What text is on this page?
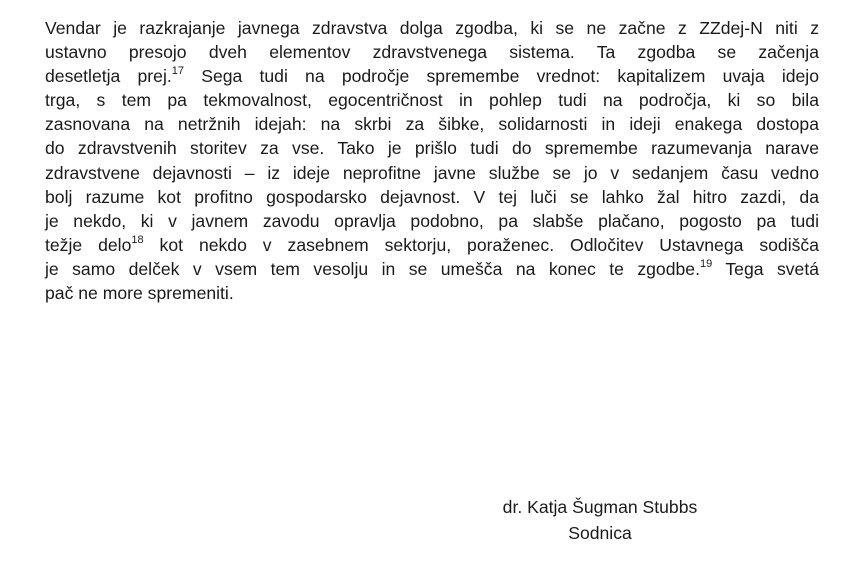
Vendar je razkrajanje javnega zdravstva dolga zgodba, ki se ne začne z ZZdej-N niti z
ustavno presojo dveh elementov zdravstvenega sistema. Ta zgodba se začenja
desetletja prej.$^{17}$ Sega tudi na področje spremembe vrednot: kapitalizem uvaja idejo
trga, s tem pa tekmovalnost, egocentričnost in pohlep tudi na področja, ki so bila
zasnovana na netržnih idejah: na skrbi za šibke, solidarnosti in ideji enakega dostopa
do zdravstvenih storitev za vse. Tako je prišlo tudi do spremembe razumevanja narave
zdravstvene dejavnosti – iz ideje neprofitne javne službe se jo v sedanjem času vedno
bolj razume kot profitno gospodarsko dejavnost. V tej luči se lahko žal hitro zazdi, da
je nekdo, ki v javnem zavodu opravlja podobno, pa slabše plačano, pogosto pa tudi
težje delo$^{18}$ kot nekdo v zasebnem sektorju, poraženec. Odločitev Ustavnega sodišča
je samo delček v vsem tem vesolju in se umešča na konec te zgodbe.$^{19}$ Tega svetá
pač ne more spremeniti.
dr. Katja Šugman Stubbs
Sodnica
